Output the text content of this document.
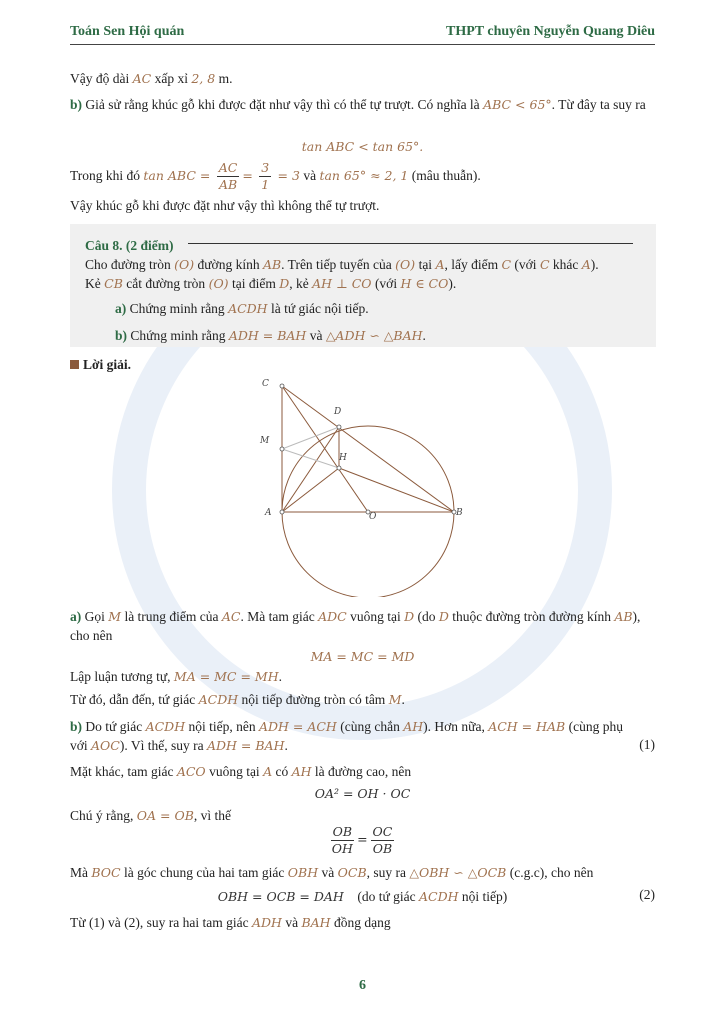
Toán Sen Hội quán	THPT chuyên Nguyễn Quang Diêu
Vậy độ dài AC xấp xỉ 2, 8 m.
b) Giả sử rằng khúc gỗ khi được đặt như vậy thì có thể tự trượt. Có nghĩa là ABC < 65°. Từ đây ta suy ra
tan ABC < tan 65°.
Trong khi đó tan ABC = $\frac{AC}{AB} = \frac{3}{1} = 3$ và tan 65° ≈ 2, 1 (mâu thuẫn).
Vậy khúc gỗ khi được đặt như vậy thì không thể tự trượt.
Câu 8. (2 điểm)
Cho đường tròn (O) đường kính AB. Trên tiếp tuyến của (O) tại A, lấy điểm C (với C khác A).
Kẻ CB cắt đường tròn (O) tại điểm D, kẻ AH ⊥ CO (với H ∈ CO).
a) Chứng minh rằng ACDH là tứ giác nội tiếp.
b) Chứng minh rằng ADH = BAH và △ADH ∽ △BAH.
Lời giải.
C
D
M
H
A	O	B
a) Gọi M là trung điểm của AC. Mà tam giác ADC vuông tại D (do D thuộc đường tròn đường kính AB), cho nên
MA = MC = MD
Lập luận tương tự, MA = MC = MH.
Từ đó, dẫn đến, tứ giác ACDH nội tiếp đường tròn có tâm M.
b) Do tứ giác ACDH nội tiếp, nên ADH = ACH (cùng chắn AH). Hơn nữa, ACH = HAB (cùng phụ với AOC). Vì thế, suy ra ADH = BAH.	(1)
Mặt khác, tam giác ACO vuông tại A có AH là đường cao, nên
OA² = OH · OC
Chú ý rằng, OA = OB, vì thế
$\frac{OB}{OH} = \frac{OC}{OB}$
Mà BOC là góc chung của hai tam giác OBH và OCB, suy ra △OBH ∽ △OCB (c.g.c), cho nên
OBH = OCB = DAH    (do tứ giác ACDH nội tiếp)	(2)
Từ (1) và (2), suy ra hai tam giác ADH và BAH đồng dạng
6
